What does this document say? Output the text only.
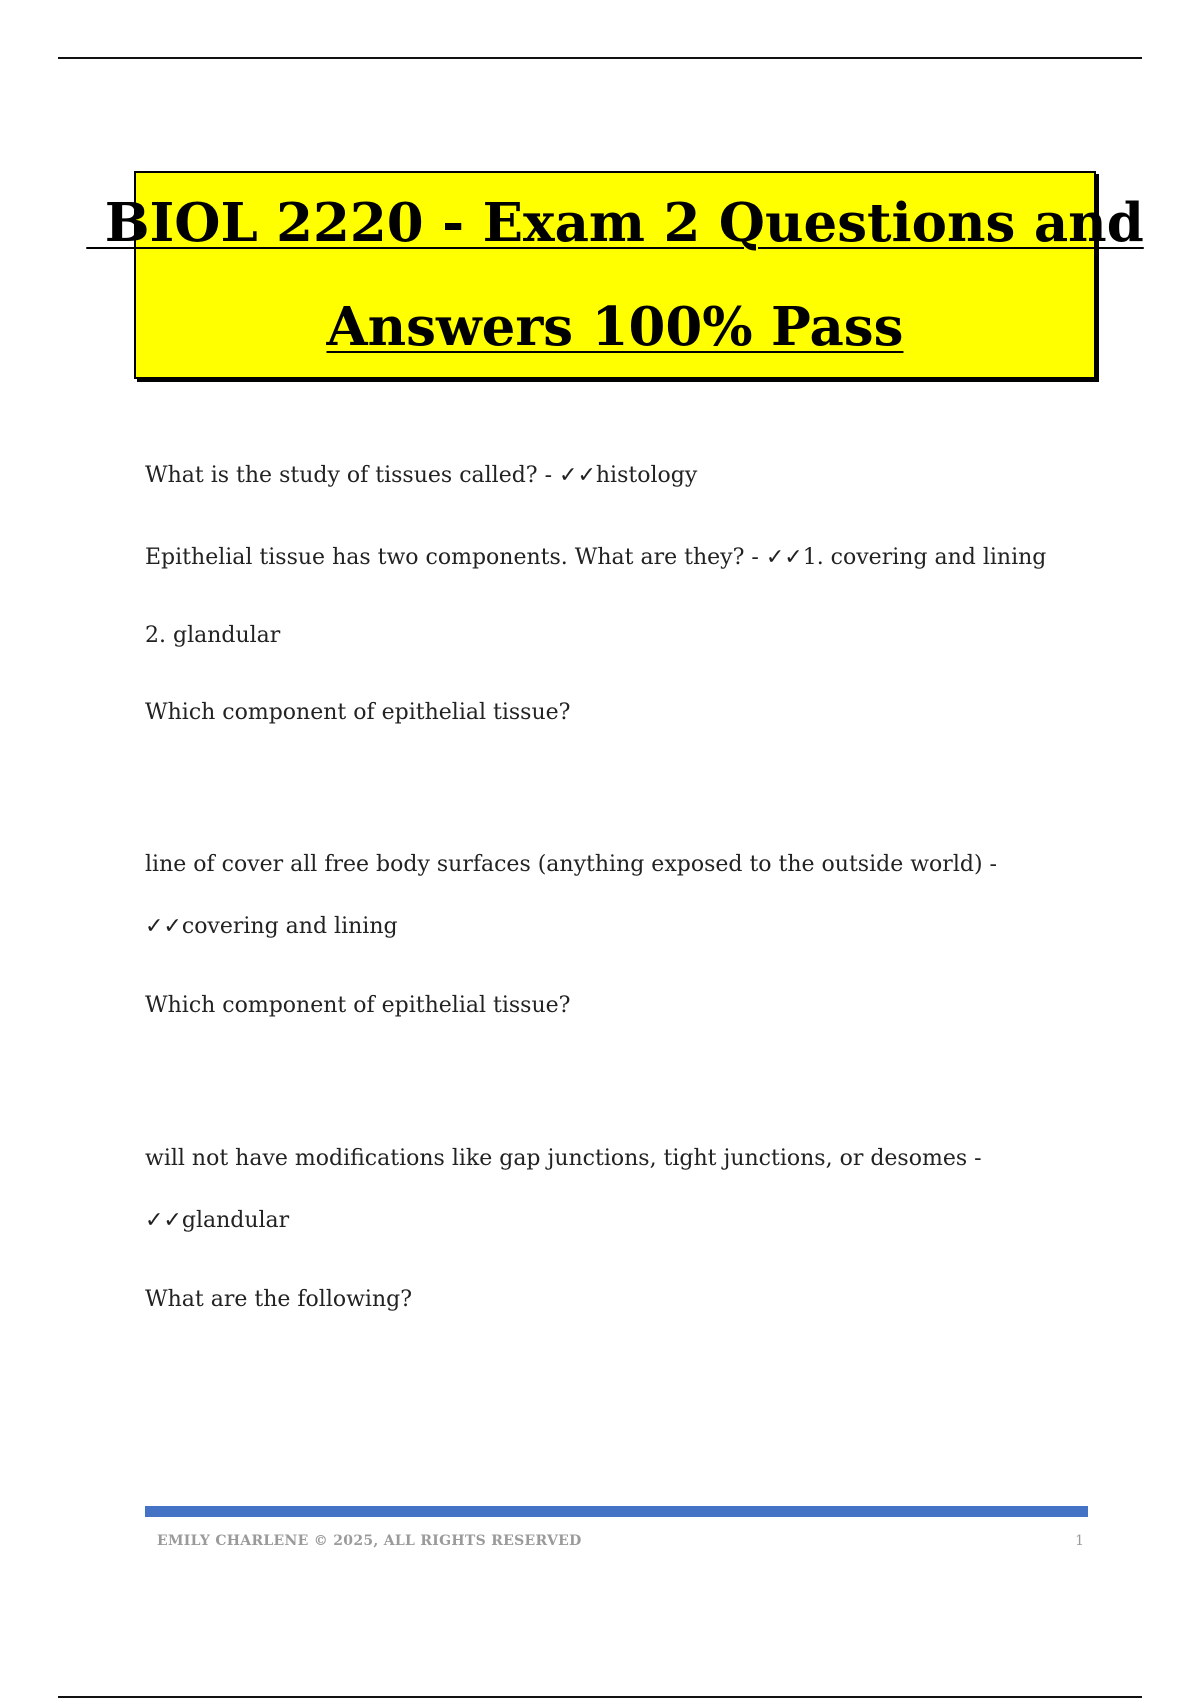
BIOL 2220 - Exam 2 Questions and
Answers 100% Pass
What is the study of tissues called? - ✓✓histology
Epithelial tissue has two components. What are they? - ✓✓1. covering and lining
2. glandular
Which component of epithelial tissue?
line of cover all free body surfaces (anything exposed to the outside world) -
✓✓covering and lining
Which component of epithelial tissue?
will not have modifications like gap junctions, tight junctions, or desomes -
✓✓glandular
What are the following?
EMILY CHARLENE © 2025, ALL RIGHTS RESERVED	1
